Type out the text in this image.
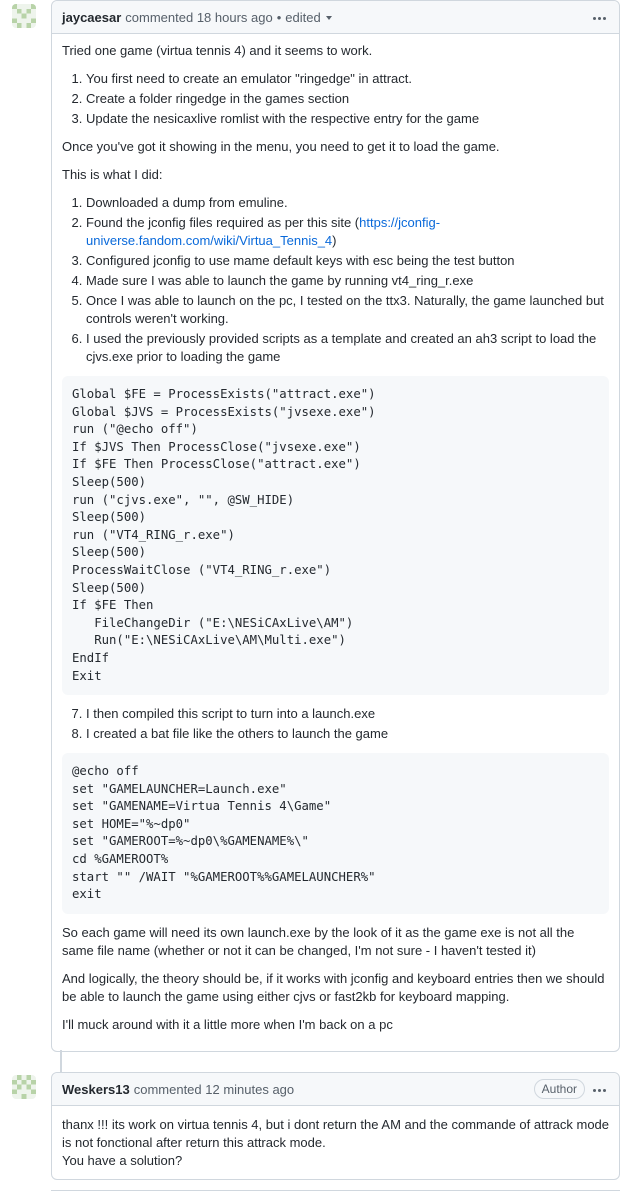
jaycaesar commented 18 hours ago • edited

Tried one game (virtua tennis 4) and it seems to work.

1. You first need to create an emulator "ringedge" in attract.
2. Create a folder ringedge in the games section
3. Update the nesicaxlive romlist with the respective entry for the game

Once you've got it showing in the menu, you need to get it to load the game.

This is what I did:

1. Downloaded a dump from emuline.
2. Found the jconfig files required as per this site (https://jconfig-universe.fandom.com/wiki/Virtua_Tennis_4)
3. Configured jconfig to use mame default keys with esc being the test button
4. Made sure I was able to launch the game by running vt4_ring_r.exe
5. Once I was able to launch on the pc, I tested on the ttx3. Naturally, the game launched but controls weren't working.
6. I used the previously provided scripts as a template and created an ah3 script to load the cjvs.exe prior to loading the game
Global $FE = ProcessExists("attract.exe")
Global $JVS = ProcessExists("jvsexe.exe")
run ("@echo off")
If $JVS Then ProcessClose("jvsexe.exe")
If $FE Then ProcessClose("attract.exe")
Sleep(500)
run ("cjvs.exe", "", @SW_HIDE)
Sleep(500)
run ("VT4_RING_r.exe")
Sleep(500)
ProcessWaitClose ("VT4_RING_r.exe")
Sleep(500)
If $FE Then
FileChangeDir ("E:\NESiCAxLive\AM")
Run("E:\NESiCAxLive\AM\Multi.exe")
EndIf
Exit
7. I then compiled this script to turn into a launch.exe
8. I created a bat file like the others to launch the game
@echo off
set "GAMELAUNCHER=Launch.exe"
set "GAMENAME=Virtua Tennis 4\Game"
set HOME="%~dp0"
set "GAMEROOT=%~dp0\%GAMENAME%\"
cd %GAMEROOT%
start "" /WAIT "%GAMEROOT%%GAMELAUNCHER%"
exit

So each game will need its own launch.exe by the look of it as the game exe is not all the same file name (whether or not it can be changed, I'm not sure - I haven't tested it)

And logically, the theory should be, if it works with jconfig and keyboard entries then we should be able to launch the game using either cjvs or fast2kb for keyboard mapping.

I'll muck around with it a little more when I'm back on a pc

Weskers13 commented 12 minutes ago	Author

thanx !!! its work on virtua tennis 4, but i dont return the AM and the commande of attrack mode is not fonctional after return this attrack mode.
You have a solution?
